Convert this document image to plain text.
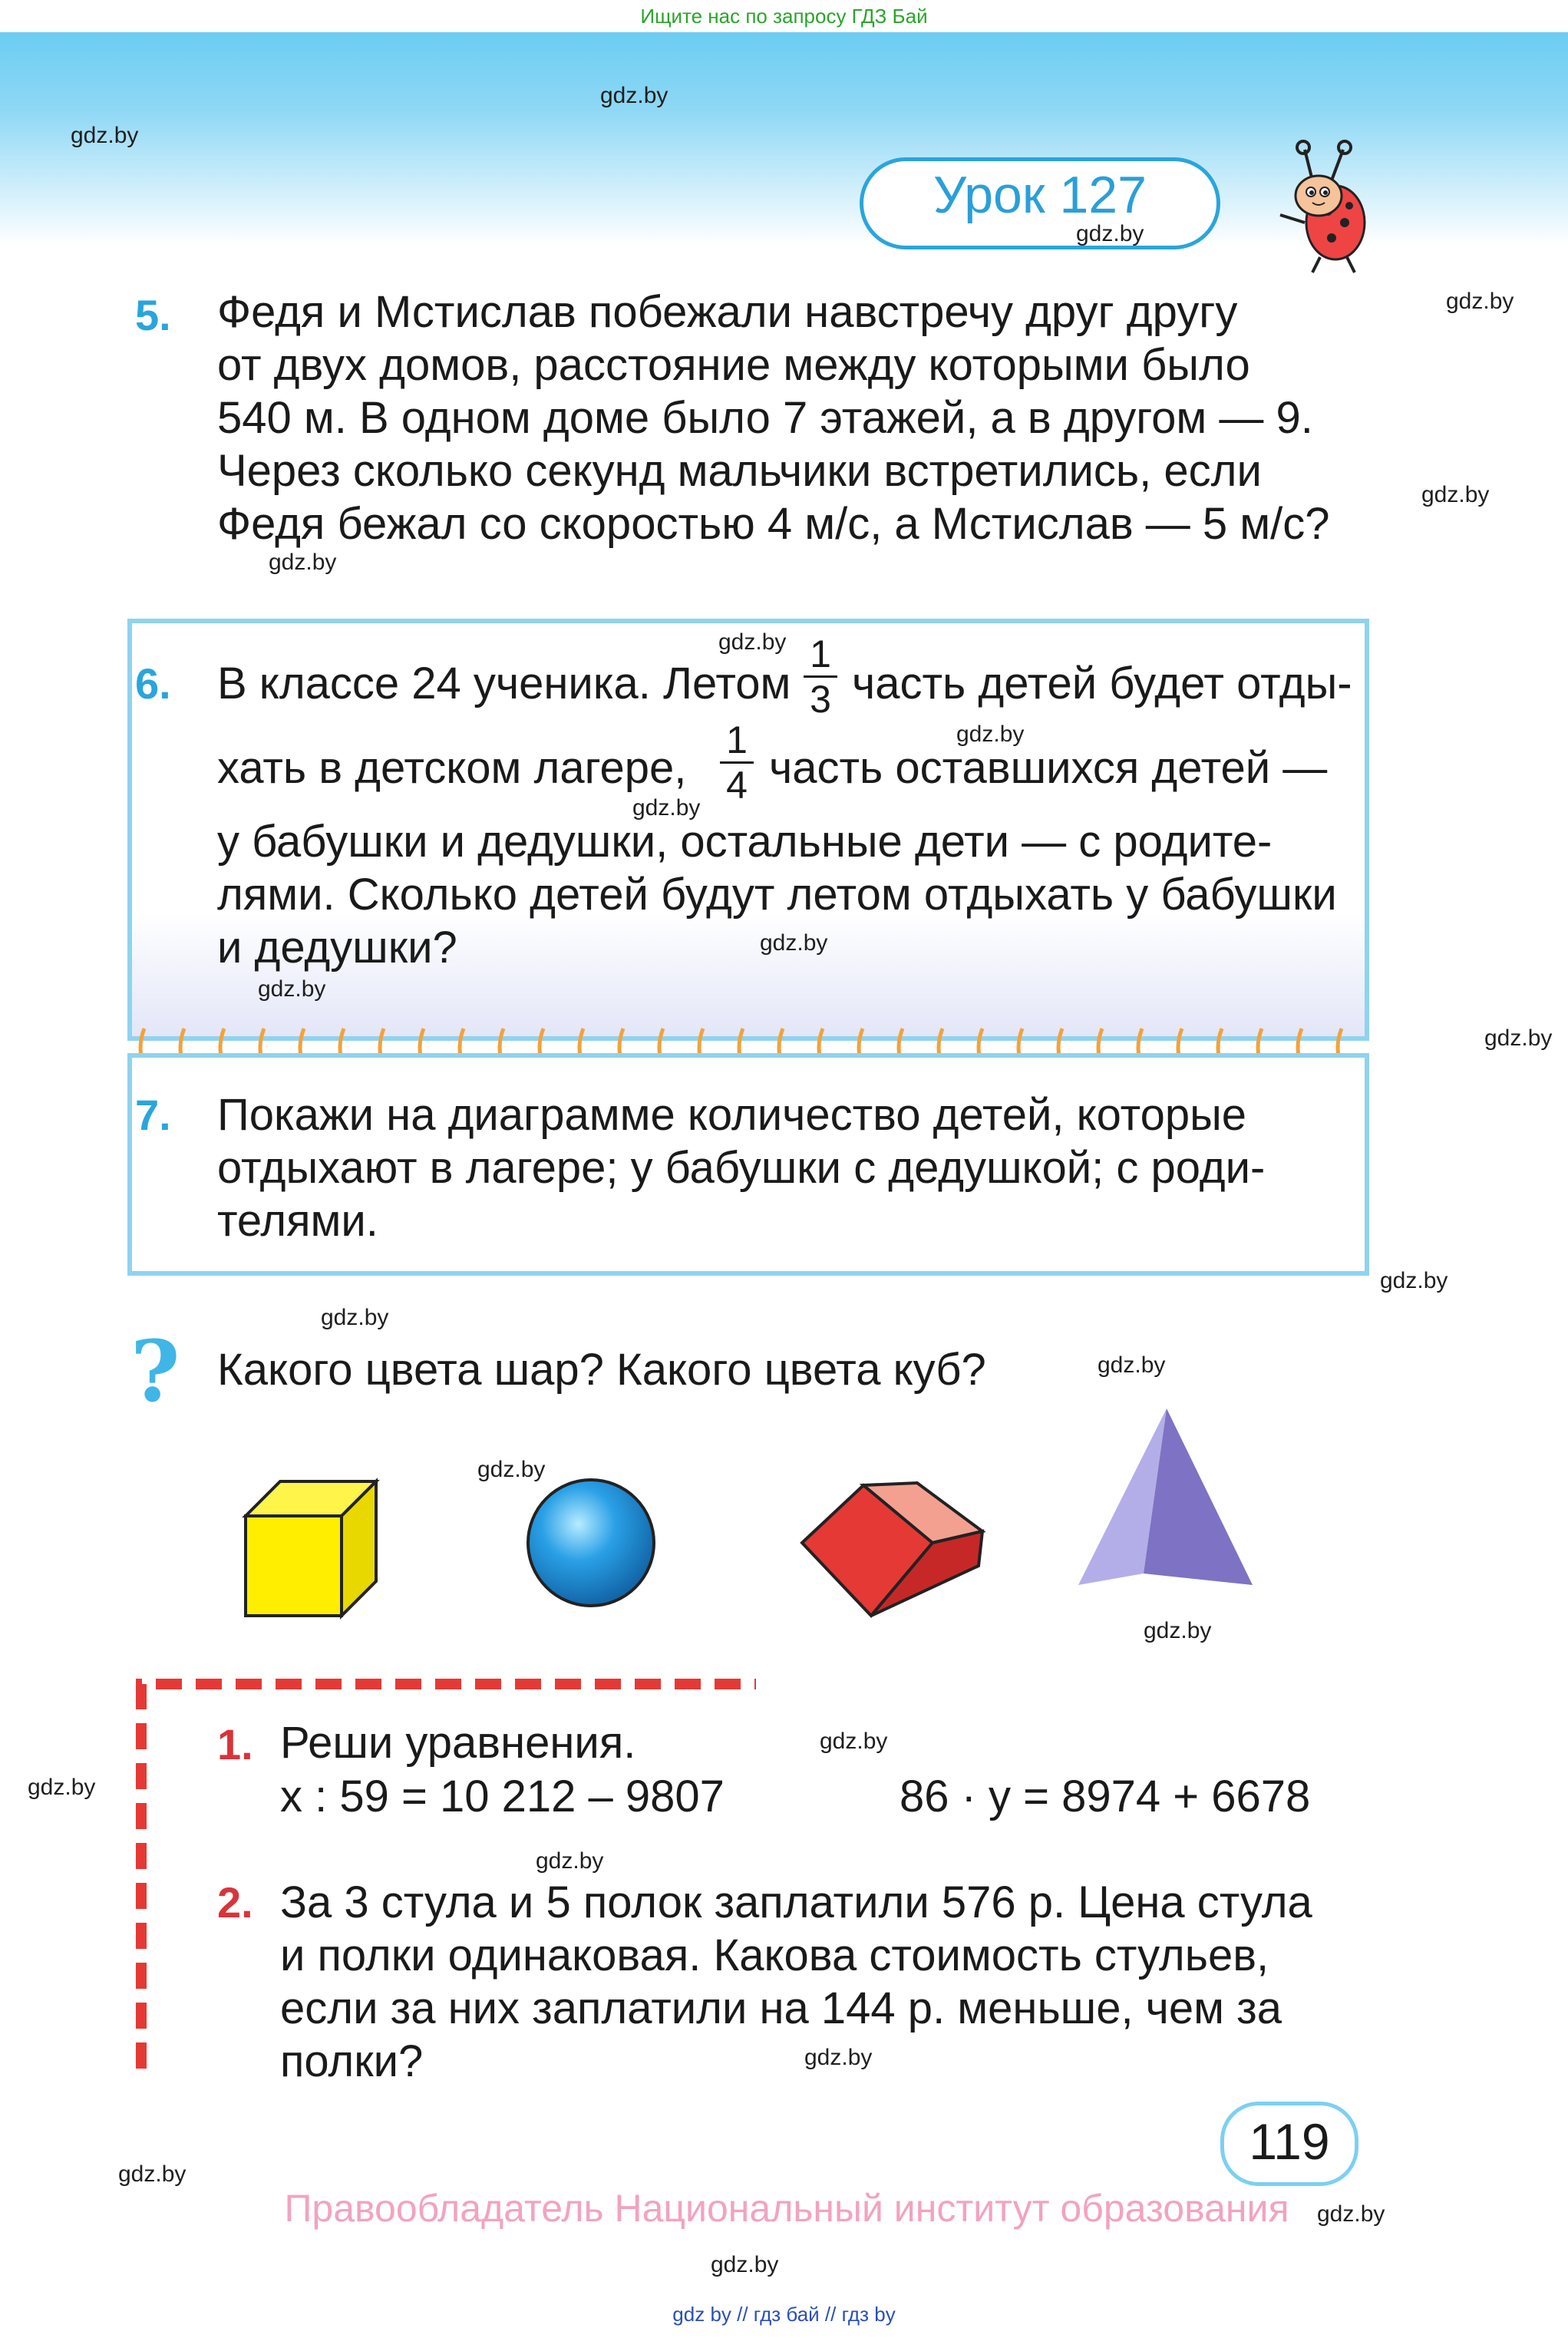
Ищите нас по запросу ГДЗ Бай
Урок 127
5. Федя и Мстислав побежали навстречу друг другу
от двух домов, расстояние между которыми было
540 м. В одном доме было 7 этажей, а в другом — 9.
Через сколько секунд мальчики встретились, если
Федя бежал со скоростью 4 м/с, а Мстислав — 5 м/с?
6. В классе 24 ученика. Летом
1
3 часть детей будет отды-
хать в детском лагере,
1
4 часть оставшихся детей —
у бабушки и дедушки, остальные дети — с родите-
лями. Сколько детей будут летом отдыхать у бабушки
и дедушки?
7. Покажи на диаграмме количество детей, которые
отдыхают в лагере; у бабушки с дедушкой; с роди-
телями.
? Какого цвета шар? Какого цвета куб?
1. Реши уравнения.
x : 59 = 10 212 – 9807	86 · y = 8974 + 6678
2. За 3 стула и 5 полок заплатили 576 р. Цена стула
и полки одинаковая. Какова стоимость стульев,
если за них заплатили на 144 р. меньше, чем за
полки?
119
Правообладатель Национальный институт образования
gdz by // гдз бай // гдз by
gdz.by
gdz.by
gdz.by
gdz.by
gdz.by
gdz.by
gdz.by
gdz.by
gdz.by
gdz.by
gdz.by
gdz.by
gdz.by
gdz.by
gdz.by
gdz.by
gdz.by
gdz.by
gdz.by
gdz.by
gdz.by
gdz.by
gdz.by
gdz.by
